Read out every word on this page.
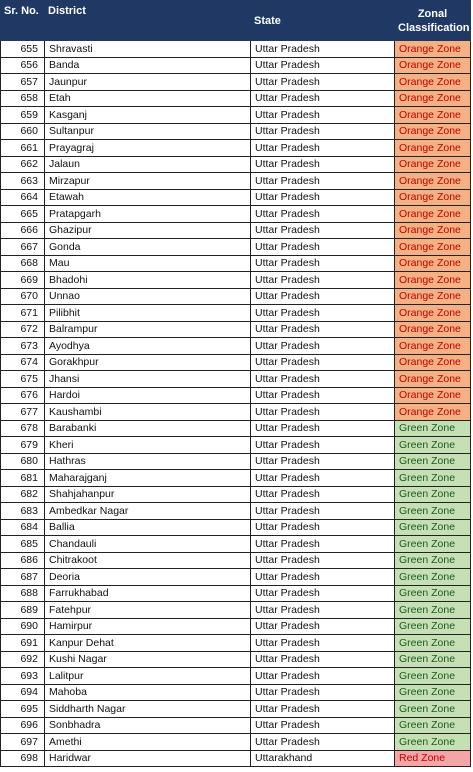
Sr. No.	District	State	Zonal
Classification
655	Shravasti	Uttar Pradesh	Orange Zone
656	Banda	Uttar Pradesh	Orange Zone
657	Jaunpur	Uttar Pradesh	Orange Zone
658	Etah	Uttar Pradesh	Orange Zone
659	Kasganj	Uttar Pradesh	Orange Zone
660	Sultanpur	Uttar Pradesh	Orange Zone
661	Prayagraj	Uttar Pradesh	Orange Zone
662	Jalaun	Uttar Pradesh	Orange Zone
663	Mirzapur	Uttar Pradesh	Orange Zone
664	Etawah	Uttar Pradesh	Orange Zone
665	Pratapgarh	Uttar Pradesh	Orange Zone
666	Ghazipur	Uttar Pradesh	Orange Zone
667	Gonda	Uttar Pradesh	Orange Zone
668	Mau	Uttar Pradesh	Orange Zone
669	Bhadohi	Uttar Pradesh	Orange Zone
670	Unnao	Uttar Pradesh	Orange Zone
671	Pilibhit	Uttar Pradesh	Orange Zone
672	Balrampur	Uttar Pradesh	Orange Zone
673	Ayodhya	Uttar Pradesh	Orange Zone
674	Gorakhpur	Uttar Pradesh	Orange Zone
675	Jhansi	Uttar Pradesh	Orange Zone
676	Hardoi	Uttar Pradesh	Orange Zone
677	Kaushambi	Uttar Pradesh	Orange Zone
678	Barabanki	Uttar Pradesh	Green Zone
679	Kheri	Uttar Pradesh	Green Zone
680	Hathras	Uttar Pradesh	Green Zone
681	Maharajganj	Uttar Pradesh	Green Zone
682	Shahjahanpur	Uttar Pradesh	Green Zone
683	Ambedkar Nagar	Uttar Pradesh	Green Zone
684	Ballia	Uttar Pradesh	Green Zone
685	Chandauli	Uttar Pradesh	Green Zone
686	Chitrakoot	Uttar Pradesh	Green Zone
687	Deoria	Uttar Pradesh	Green Zone
688	Farrukhabad	Uttar Pradesh	Green Zone
689	Fatehpur	Uttar Pradesh	Green Zone
690	Hamirpur	Uttar Pradesh	Green Zone
691	Kanpur Dehat	Uttar Pradesh	Green Zone
692	Kushi Nagar	Uttar Pradesh	Green Zone
693	Lalitpur	Uttar Pradesh	Green Zone
694	Mahoba	Uttar Pradesh	Green Zone
695	Siddharth Nagar	Uttar Pradesh	Green Zone
696	Sonbhadra	Uttar Pradesh	Green Zone
697	Amethi	Uttar Pradesh	Green Zone
698	Haridwar	Uttarakhand	Red Zone
